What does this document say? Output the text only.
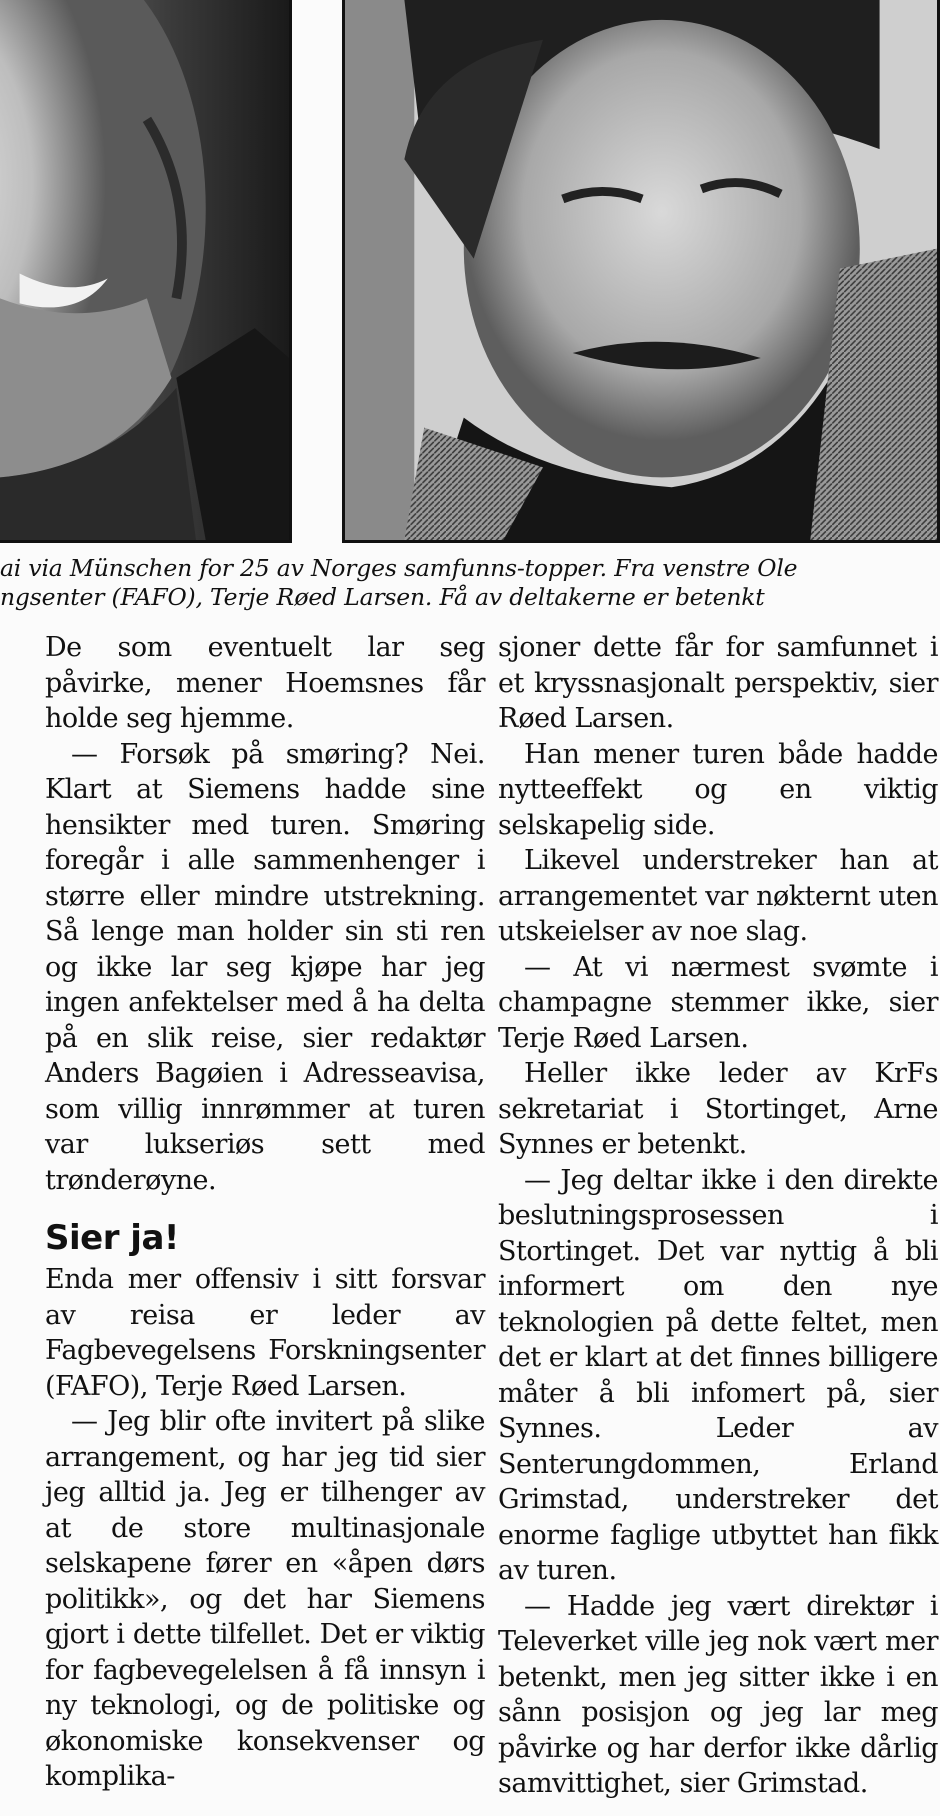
ai via Münschen for 25 av Norges samfunns-topper. Fra venstre Ole
ngsenter (FAFO), Terje Røed Larsen. Få av deltakerne er betenkt

De som eventuelt lar seg påvirke, mener Hoemsnes får holde seg hjemme.

— Forsøk på smøring? Nei. Klart at Siemens hadde sine hensikter med turen. Smøring foregår i alle sammenhenger i større eller mindre utstrekning. Så lenge man holder sin sti ren og ikke lar seg kjøpe har jeg ingen anfektelser med å ha delta på en slik reise, sier redaktør Anders Bagøien i Adresseavisa, som villig innrømmer at turen var lukseriøs sett med trønderøyne.

Sier ja!

Enda mer offensiv i sitt forsvar av reisa er leder av Fagbevegelsens Forskningsenter (FAFO), Terje Røed Larsen.

— Jeg blir ofte invitert på slike arrangement, og har jeg tid sier jeg alltid ja. Jeg er tilhenger av at de store multinasjonale selskapene fører en «åpen dørs politikk», og det har Siemens gjort i dette tilfellet. Det er viktig for fagbevegelelsen å få innsyn i ny teknologi, og de politiske og økonomiske konsekvenser og komplika-

sjoner dette får for samfunnet i et kryssnasjonalt perspektiv, sier Røed Larsen.

Han mener turen både hadde nytteeffekt og en viktig selskapelig side.

Likevel understreker han at arrangementet var nøkternt uten utskeielser av noe slag.

— At vi nærmest svømte i champagne stemmer ikke, sier Terje Røed Larsen.

Heller ikke leder av KrFs sekretariat i Stortinget, Arne Synnes er betenkt.

— Jeg deltar ikke i den direkte beslutningsprosessen i Stortinget. Det var nyttig å bli informert om den nye teknologien på dette feltet, men det er klart at det finnes billigere måter å bli infomert på, sier Synnes. Leder av Senterungdommen, Erland Grimstad, understreker det enorme faglige utbyttet han fikk av turen.

— Hadde jeg vært direktør i Televerket ville jeg nok vært mer betenkt, men jeg sitter ikke i en sånn posisjon og jeg lar meg påvirke og har derfor ikke dårlig samvittighet, sier Grimstad.
